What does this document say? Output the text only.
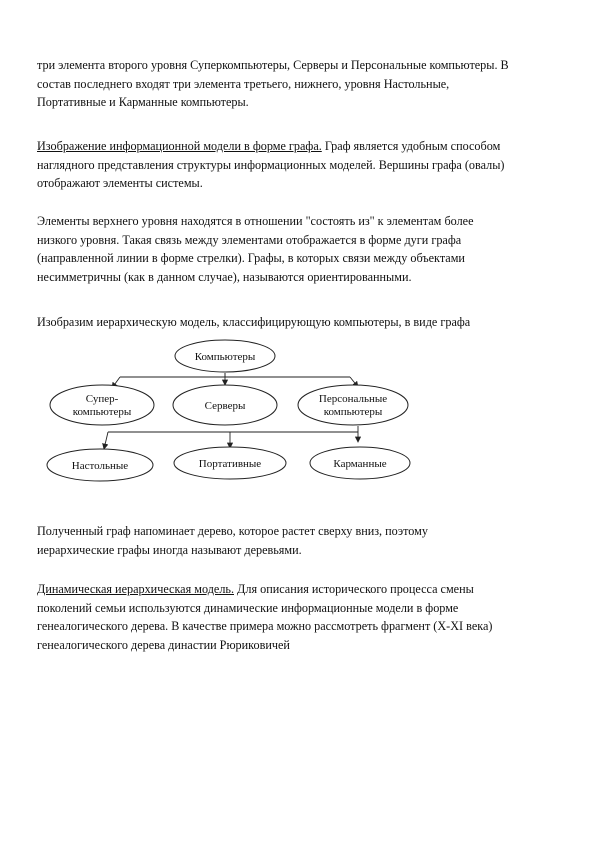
три элемента второго уровня Суперкомпьютеры, Серверы и Персональные компьютеры. В
состав последнего входят три элемента третьего, нижнего, уровня Настольные,
Портативные и Карманные компьютеры.

Изображение информационной модели в форме графа. Граф является удобным способом
наглядного представления структуры информационных моделей. Вершины графа (овалы)
отображают элементы системы.

Элементы верхнего уровня находятся в отношении "состоять из" к элементам более
низкого уровня. Такая связь между элементами отображается в форме дуги графа
(направленной линии в форме стрелки). Графы, в которых связи между объектами
несимметричны (как в данном случае), называются ориентированными.

Изобразим иерархическую модель, классифицирующую компьютеры, в виде графа

Компьютеры
Супер-
компьютеры	Серверы
Персональные
компьютеры
Настольные	Портативные	Карманные

Полученный граф напоминает дерево, которое растет сверху вниз, поэтому
иерархические графы иногда называют деревьями.

Динамическая иерархическая модель. Для описания исторического процесса смены
поколений семьи используются динамические информационные модели в форме
генеалогического дерева. В качестве примера можно рассмотреть фрагмент (X-XI века)
генеалогического дерева династии Рюриковичей
